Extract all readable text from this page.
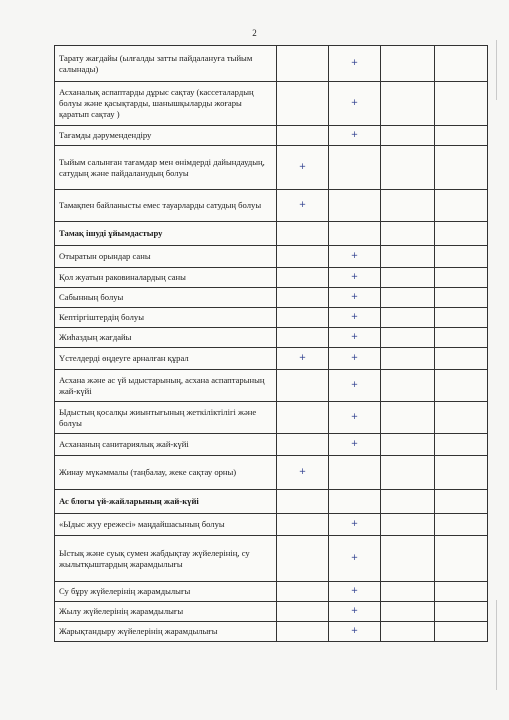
2
Тарату жағдайы (ылғалды затты пайдалануға тыйым салынады)		+		
Асханалық аспаптарды дұрыс сақтау (кассеталардың болуы және қасықтарды, шанышқыларды жоғары қаратып сақтау )		+		
Тағамды дәрумендендіру		+		
Тыйым салынған тағамдар мен өнімдерді дайындаудың, сатудың және пайдаланудың болуы	+			
Тамақпен байланысты емес тауарларды сатудың болуы	+			
Тамақ ішуді ұйымдастыру				
Отыратын орындар саны		+		
Қол жуатын раковиналардың саны		+		
Сабынның болуы		+		
Кептіргіштердің болуы		+		
Жиһаздың жағдайы		+		
Үстелдерді өңдеуге арналған құрал	+	+		
Асхана және ас үй ыдыстарының, асхана аспаптарының жай-күйі		+		
Ыдыстың қосалқы жиынтығының жеткіліктілігі және болуы		+		
Асхананың санитариялық жай-күйі		+		
Жинау мүкәммалы (таңбалау, жеке сақтау орны)	+			
Ас блогы үй-жайларының жай-күйі				
«Ыдыс жуу ережесі» маңдайшасының болуы		+		
Ыстық және суық сумен жабдықтау жүйелерінің, су жылытқыштардың жарамдылығы		+		
Су бұру жүйелерінің жарамдылығы		+		
Жылу жүйелерінің жарамдылығы		+		
Жарықтандыру жүйелерінің жарамдылығы		+		
